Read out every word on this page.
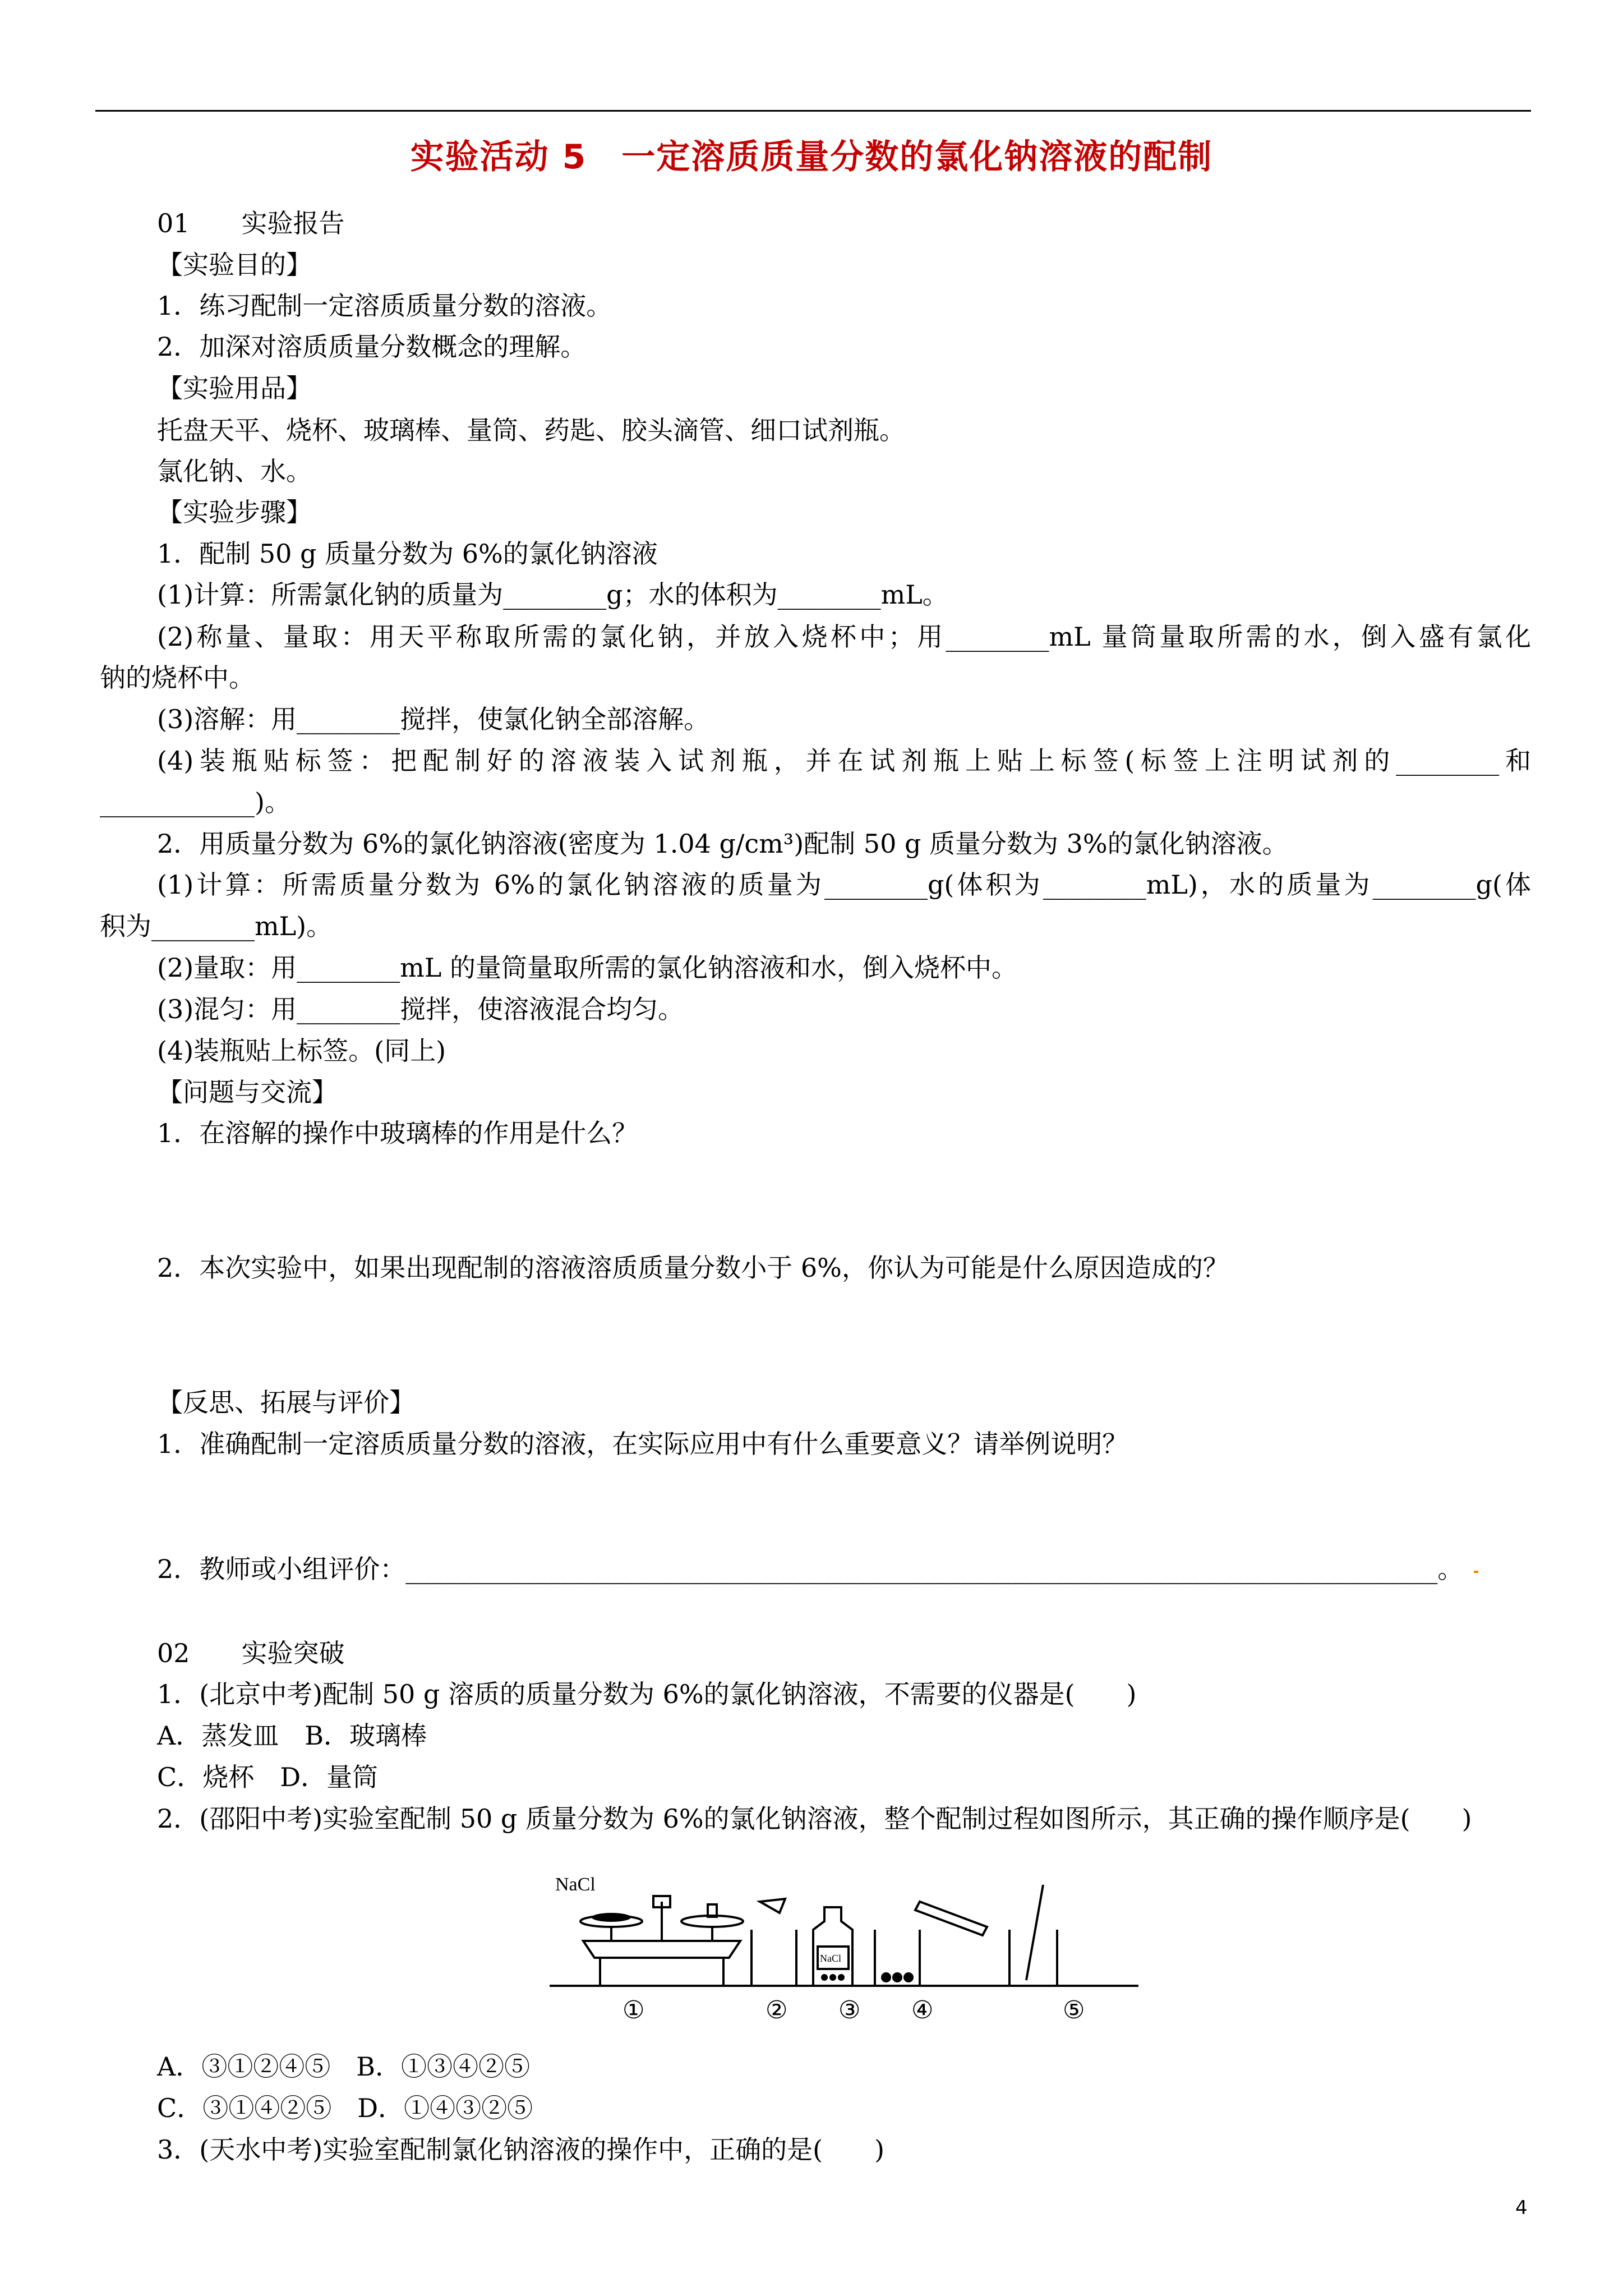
实验活动 5　一定溶质质量分数的氯化钠溶液的配制
01　　实验报告
【实验目的】
1．练习配制一定溶质质量分数的溶液。
2．加深对溶质质量分数概念的理解。
【实验用品】
托盘天平、烧杯、玻璃棒、量筒、药匙、胶头滴管、细口试剂瓶。
氯化钠、水。
【实验步骤】
1．配制 50 g 质量分数为 6%的氯化钠溶液
(1)计算：所需氯化钠的质量为________g；水的体积为________mL。
(2)称量、量取：用天平称取所需的氯化钠，并放入烧杯中；用________mL 量筒量取所需的水，倒入盛有氯化
钠的烧杯中。
(3)溶解：用________搅拌，使氯化钠全部溶解。
(4)装瓶贴标签：把配制好的溶液装入试剂瓶，并在试剂瓶上贴上标签(标签上注明试剂的________和
____________)。
2．用质量分数为 6%的氯化钠溶液(密度为 1.04 g/cm³)配制 50 g 质量分数为 3%的氯化钠溶液。
(1)计算：所需质量分数为 6%的氯化钠溶液的质量为________g(体积为________mL)，水的质量为________g(体
积为________mL)。
(2)量取：用________mL 的量筒量取所需的氯化钠溶液和水，倒入烧杯中。
(3)混匀：用________搅拌，使溶液混合均匀。
(4)装瓶贴上标签。(同上)
【问题与交流】
1．在溶解的操作中玻璃棒的作用是什么？
2．本次实验中，如果出现配制的溶液溶质质量分数小于 6%，你认为可能是什么原因造成的？
【反思、拓展与评价】
1．准确配制一定溶质质量分数的溶液，在实际应用中有什么重要意义？请举例说明？
2．教师或小组评价：________________________________________________________________________________。
02　　实验突破
1．(北京中考)配制 50 g 溶质的质量分数为 6%的氯化钠溶液，不需要的仪器是(　　)
A．蒸发皿　B．玻璃棒
C．烧杯　D．量筒
2．(邵阳中考)实验室配制 50 g 质量分数为 6%的氯化钠溶液，整个配制过程如图所示，其正确的操作顺序是(　　)
NaCl
NaCl
①	② ③ ④	⑤
A．③①②④⑤　B．①③④②⑤
C．③①④②⑤　D．①④③②⑤
3．(天水中考)实验室配制氯化钠溶液的操作中，正确的是(　　)
4
